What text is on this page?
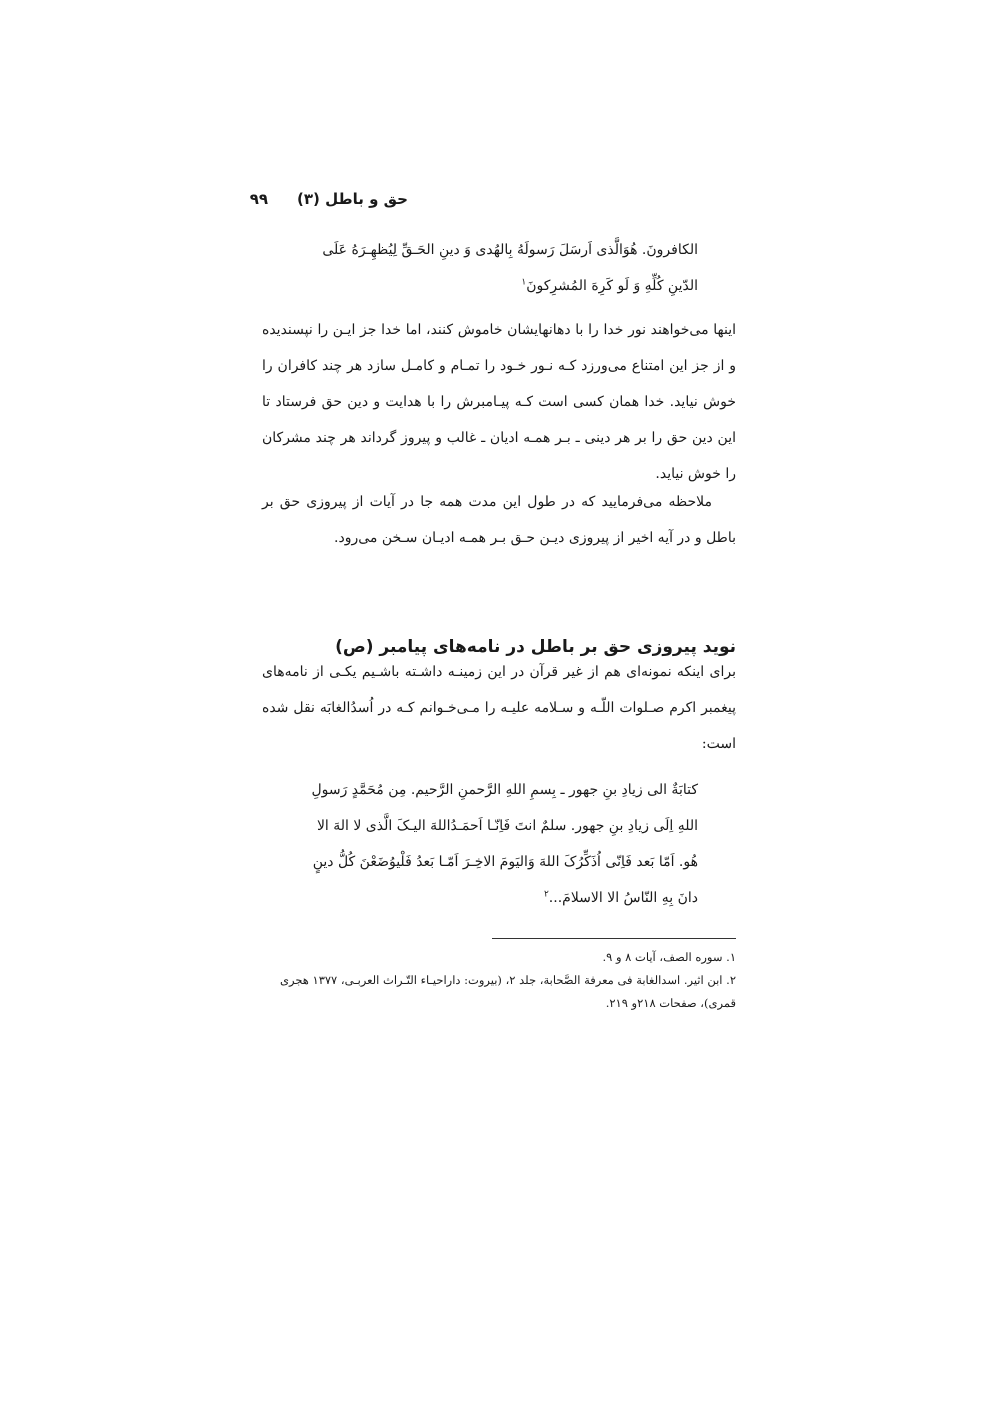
حق و باطل (۳)
۹۹
الکافرونَ. هُوَالَّذی اَرسَلَ رَسولَهُ بِالهُدی وَ دینِ الحَـقِّ لِیُظهِـرَهُ عَلَی الدّینِ کُلِّهِ وَ لَو کَرِهَ المُشرِکونَ$^۱$

اینها می‌خواهند نور خدا را با دهانهایشان خاموش کنند، اما خدا جز ایـن را نپسندیده و از جز این امتناع می‌ورزد کـه نـور خـود را تمـام و کامـل سازد هر چند کافران را خوش نیاید. خدا همان کسی است کـه پیـامبرش را با هدایت و دین حق فرستاد تا این دین حق را بر هر دینی ـ بـر همـه ادیان ـ غالب و پیروز گرداند هر چند مشرکان را خوش نیاید.

ملاحظه می‌فرمایید که در طول این مدت همه جا در آیات از پیروزی حق بر باطل و در آیه اخیر از پیروزی دیـن حـق بـر همـه ادیـان سـخن می‌رود.

نوید پیروزی حق بر باطل در نامه‌های پیامبر (ص)

برای اینکه نمونه‌ای هم از غیر قرآن در این زمینـه داشـته باشـیم یکـی از نامه‌های پیغمبر اکرم صـلوات اللّـه و سـلامه علیـه را مـی‌خـوانم کـه در اُسدُالغابَه نقل شده است:

کتابَةٌ الی زیادِ بنِ جهور ـ بِسمِ اللهِ الرَّحمنِ الرَّحیم. مِن مُحَمَّدٍ رَسولِ اللهِ اِلَی زیادِ بنِ جهور. سلمٌ انتَ فَاِنّـا اَحمَـدُاللهَ الیـکَ الَّذی لا الهَ الا هُو. اَمّا بَعد فَاِنّی اُذَکِّرُکَ اللهَ وَالیَومَ الاخِـرَ اَمّـا بَعدُ فَلْیوُضَعْنَ کُلُّ دینٍ دانَ بِهِ النّاسُ الا الاسلامَ...$^۲$

۱. سوره الصف، آیات ۸ و ۹.

۲. ابن اثیر. اسدالغابة فی معرفة الصَّحابة، جلد ۲، (بیروت: داراحیـاء التّـراث العربـی، ۱۳۷۷ هجری قمری)، صفحات ۲۱۸و ۲۱۹.
